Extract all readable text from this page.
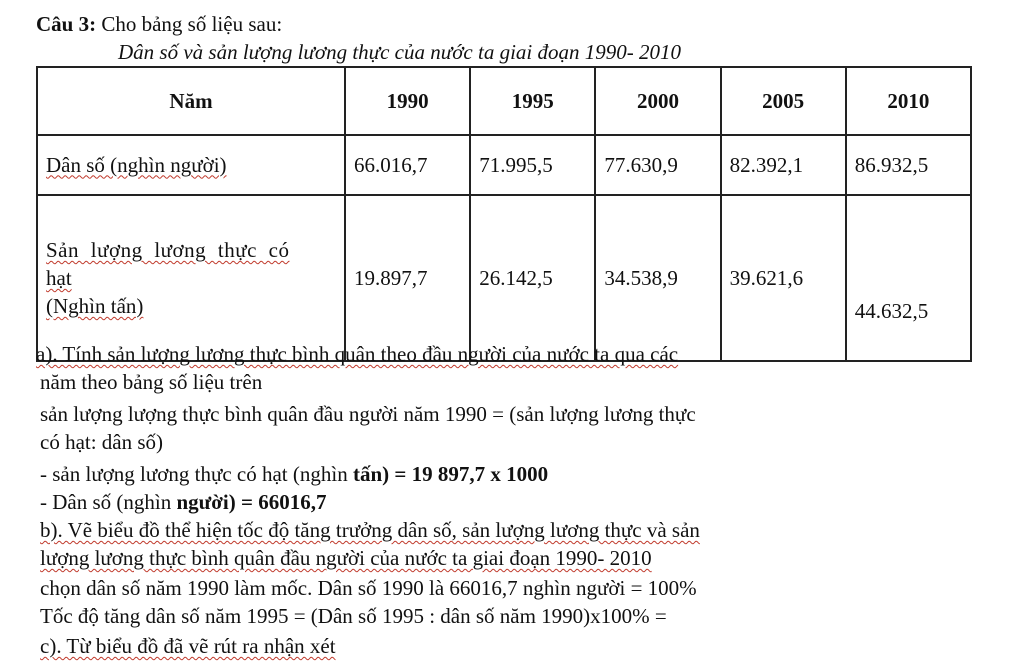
Câu 3: Cho bảng số liệu sau:
Dân số và sản lượng lương thực của nước ta giai đoạn 1990- 2010
Năm	1990	1995	2000	2005	2010
Dân số (nghìn người)	66.016,7	71.995,5	77.630,9	82.392,1	86.932,5

Sản lượng lương thực có
hạt
(Nghìn tấn)	19.897,7	26.142,5	34.538,9	39.621,6	44.632,5
a). Tính sản lượng lương thực bình quân theo đầu người của nước ta qua các
năm theo bảng số liệu trên
sản lượng lượng thực bình quân đầu người năm 1990 = (sản lượng lương thực
có hạt: dân số)
- sản lượng lương thực có hạt (nghìn tấn) = 19 897,7 x 1000
- Dân số (nghìn người) = 66016,7
b). Vẽ biểu đồ thể hiện tốc độ tăng trưởng dân số, sản lượng lương thực và sản
lượng lương thực bình quân đầu người của nước ta giai đoạn 1990- 2010
chọn dân số năm 1990 làm mốc. Dân số 1990 là 66016,7 nghìn người = 100%
Tốc độ tăng dân số năm 1995 = (Dân số 1995 : dân số năm 1990)x100% =
c). Từ biểu đồ đã vẽ rút ra nhận xét
